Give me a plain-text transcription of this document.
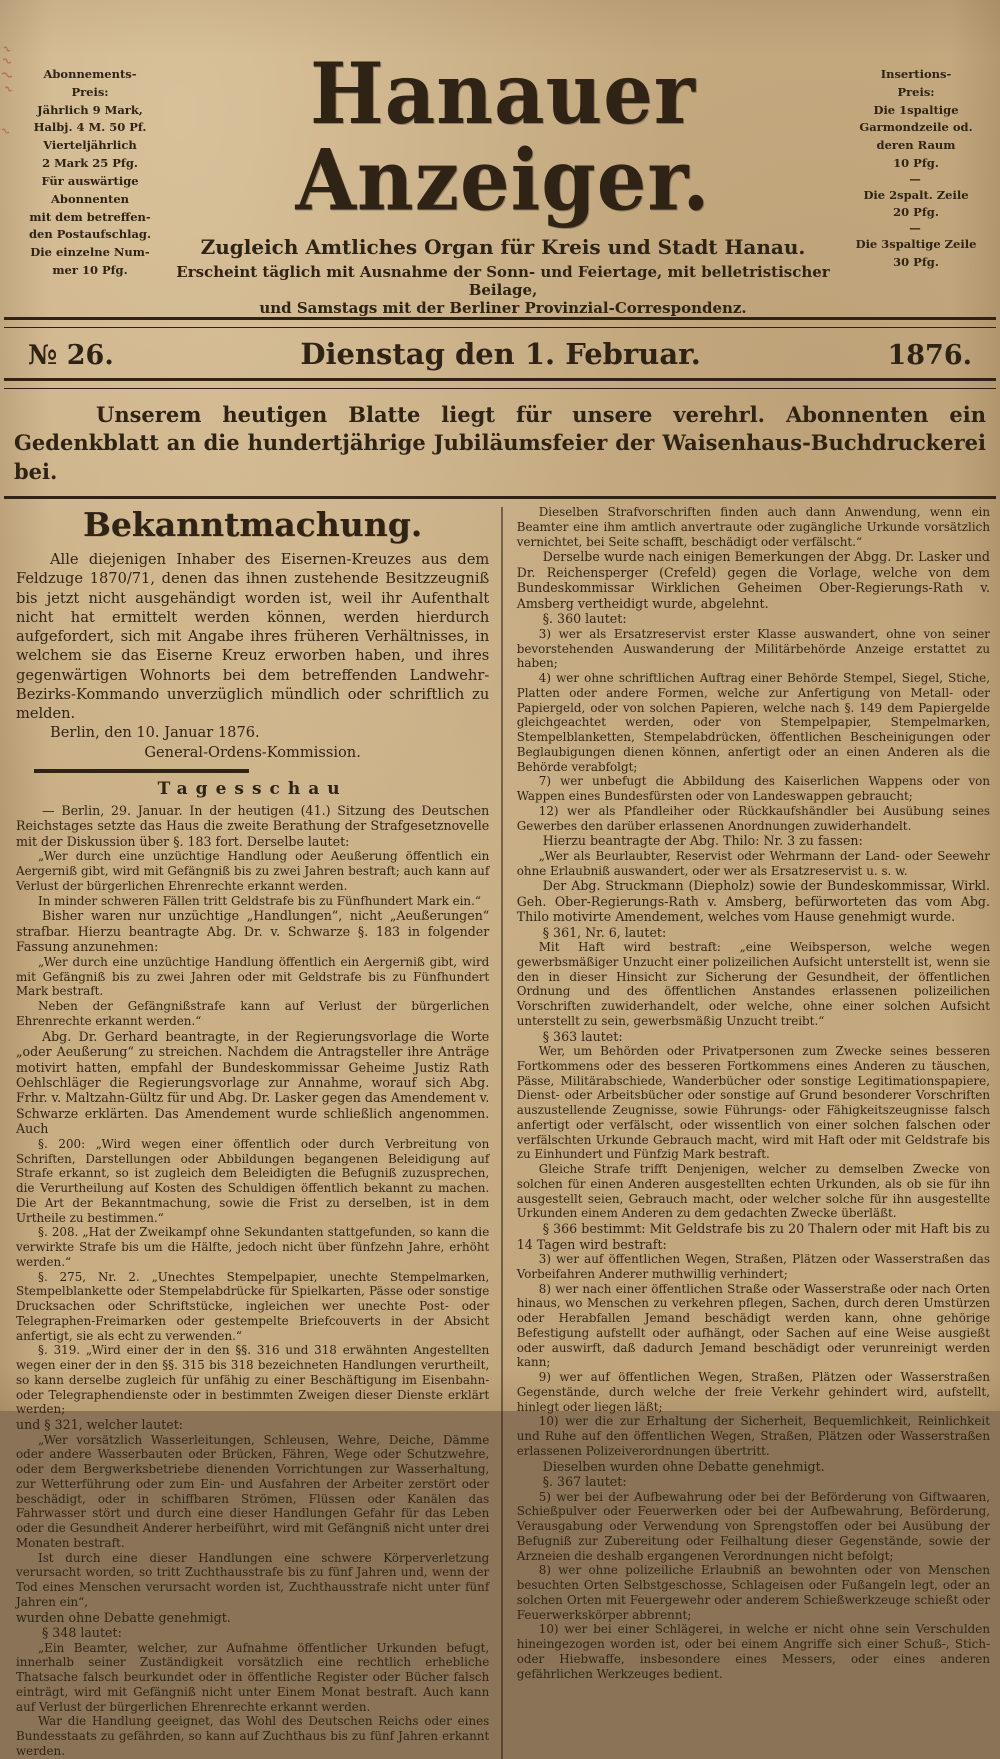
Abonnements-
Preis:
Jährlich 9 Mark,
Halbj. 4 M. 50 Pf.
Vierteljährlich
2 Mark 25 Pfg.
Für auswärtige
Abonnenten
mit dem betreffen-
den Postaufschlag.
Die einzelne Num-
mer 10 Pfg.
Hanauer Anzeiger.
Zugleich Amtliches Organ für Kreis und Stadt Hanau.
Erscheint täglich mit Ausnahme der Sonn- und Feiertage, mit belletristischer Beilage,
und Samstags mit der Berliner Provinzial-Correspondenz.
Insertions-
Preis:
Die 1spaltige
Garmondzeile od.
deren Raum
10 Pfg.
—
Die 2spalt. Zeile
20 Pfg.
—
Die 3spaltige Zeile
30 Pfg.
№ 26.	Dienstag den 1. Februar.	1876.

Unserem heutigen Blatte liegt für unsere verehrl. Abonnenten ein Gedenkblatt an die hundertjährige Jubiläumsfeier der Waisenhaus-Buchdruckerei bei.

Bekanntmachung.

Alle diejenigen Inhaber des Eisernen-Kreuzes aus dem Feldzuge 1870/71, denen das ihnen zustehende Besitzzeugniß bis jetzt nicht ausgehändigt worden ist, weil ihr Aufenthalt nicht hat ermittelt werden können, werden hierdurch aufgefordert, sich mit Angabe ihres früheren Verhältnisses, in welchem sie das Eiserne Kreuz erworben haben, und ihres gegenwärtigen Wohnorts bei dem betreffenden Landwehr-Bezirks-Kommando unverzüglich mündlich oder schriftlich zu melden.

Berlin, den 10. Januar 1876.

General-Ordens-Kommission.

Tagesschau

— Berlin, 29. Januar. In der heutigen (41.) Sitzung des Deutschen Reichstages setzte das Haus die zweite Berathung der Strafgesetznovelle mit der Diskussion über §. 183 fort. Derselbe lautet:

„Wer durch eine unzüchtige Handlung oder Aeußerung öffentlich ein Aergerniß gibt, wird mit Gefängniß bis zu zwei Jahren bestraft; auch kann auf Verlust der bürgerlichen Ehrenrechte erkannt werden.

In minder schweren Fällen tritt Geldstrafe bis zu Fünfhundert Mark ein.“

Bisher waren nur unzüchtige „Handlungen“, nicht „Aeußerungen“ strafbar. Hierzu beantragte Abg. Dr. v. Schwarze §. 183 in folgender Fassung anzunehmen:

„Wer durch eine unzüchtige Handlung öffentlich ein Aergerniß gibt, wird mit Gefängniß bis zu zwei Jahren oder mit Geldstrafe bis zu Fünfhundert Mark bestraft.

Neben der Gefängnißstrafe kann auf Verlust der bürgerlichen Ehrenrechte erkannt werden.“

Abg. Dr. Gerhard beantragte, in der Regierungsvorlage die Worte „oder Aeußerung“ zu streichen. Nachdem die Antragsteller ihre Anträge motivirt hatten, empfahl der Bundeskommissar Geheime Justiz Rath Oehlschläger die Regierungsvorlage zur Annahme, worauf sich Abg. Frhr. v. Maltzahn-Gültz für und Abg. Dr. Lasker gegen das Amendement v. Schwarze erklärten. Das Amendement wurde schließlich angenommen. Auch

§. 200: „Wird wegen einer öffentlich oder durch Verbreitung von Schriften, Darstellungen oder Abbildungen begangenen Beleidigung auf Strafe erkannt, so ist zugleich dem Beleidigten die Befugniß zuzusprechen, die Verurtheilung auf Kosten des Schuldigen öffentlich bekannt zu machen. Die Art der Bekanntmachung, sowie die Frist zu derselben, ist in dem Urtheile zu bestimmen.“

§. 208. „Hat der Zweikampf ohne Sekundanten stattgefunden, so kann die verwirkte Strafe bis um die Hälfte, jedoch nicht über fünfzehn Jahre, erhöht werden.“

§. 275, Nr. 2. „Unechtes Stempelpapier, unechte Stempelmarken, Stempelblankette oder Stempelabdrücke für Spielkarten, Pässe oder sonstige Drucksachen oder Schriftstücke, ingleichen wer unechte Post- oder Telegraphen-Freimarken oder gestempelte Briefcouverts in der Absicht anfertigt, sie als echt zu verwenden.“

§. 319. „Wird einer der in den §§. 316 und 318 erwähnten Angestellten wegen einer der in den §§. 315 bis 318 bezeichneten Handlungen verurtheilt, so kann derselbe zugleich für unfähig zu einer Beschäftigung im Eisenbahn- oder Telegraphendienste oder in bestimmten Zweigen dieser Dienste erklärt werden;

und § 321, welcher lautet:

„Wer vorsätzlich Wasserleitungen, Schleusen, Wehre, Deiche, Dämme oder andere Wasserbauten oder Brücken, Fähren, Wege oder Schutzwehre, oder dem Bergwerksbetriebe dienenden Vorrichtungen zur Wasserhaltung, zur Wetterführung oder zum Ein- und Ausfahren der Arbeiter zerstört oder beschädigt, oder in schiffbaren Strömen, Flüssen oder Kanälen das Fahrwasser stört und durch eine dieser Handlungen Gefahr für das Leben oder die Gesundheit Anderer herbeiführt, wird mit Gefängniß nicht unter drei Monaten bestraft.

Ist durch eine dieser Handlungen eine schwere Körperverletzung verursacht worden, so tritt Zuchthausstrafe bis zu fünf Jahren und, wenn der Tod eines Menschen verursacht worden ist, Zuchthausstrafe nicht unter fünf Jahren ein“,

wurden ohne Debatte genehmigt.

§ 348 lautet:

„Ein Beamter, welcher, zur Aufnahme öffentlicher Urkunden befugt, innerhalb seiner Zuständigkeit vorsätzlich eine rechtlich erhebliche Thatsache falsch beurkundet oder in öffentliche Register oder Bücher falsch einträgt, wird mit Gefängniß nicht unter Einem Monat bestraft. Auch kann auf Verlust der bürgerlichen Ehrenrechte erkannt werden.

War die Handlung geeignet, das Wohl des Deutschen Reichs oder eines Bundesstaats zu gefährden, so kann auf Zuchthaus bis zu fünf Jahren erkannt werden.

Dieselben Strafvorschriften finden auch dann Anwendung, wenn ein Beamter eine ihm amtlich anvertraute oder zugängliche Urkunde vorsätzlich vernichtet, bei Seite schafft, beschädigt oder verfälscht.“

Derselbe wurde nach einigen Bemerkungen der Abgg. Dr. Lasker und Dr. Reichensperger (Crefeld) gegen die Vorlage, welche von dem Bundeskommissar Wirklichen Geheimen Ober-Regierungs-Rath v. Amsberg vertheidigt wurde, abgelehnt.

§. 360 lautet:

3) wer als Ersatzreservist erster Klasse auswandert, ohne von seiner bevorstehenden Auswanderung der Militärbehörde Anzeige erstattet zu haben;

4) wer ohne schriftlichen Auftrag einer Behörde Stempel, Siegel, Stiche, Platten oder andere Formen, welche zur Anfertigung von Metall- oder Papiergeld, oder von solchen Papieren, welche nach §. 149 dem Papiergelde gleichgeachtet werden, oder von Stempelpapier, Stempelmarken, Stempelblanketten, Stempelabdrücken, öffentlichen Bescheinigungen oder Beglaubigungen dienen können, anfertigt oder an einen Anderen als die Behörde verabfolgt;

7) wer unbefugt die Abbildung des Kaiserlichen Wappens oder von Wappen eines Bundesfürsten oder von Landeswappen gebraucht;

12) wer als Pfandleiher oder Rückkaufshändler bei Ausübung seines Gewerbes den darüber erlassenen Anordnungen zuwiderhandelt.

Hierzu beantragte der Abg. Thilo: Nr. 3 zu fassen:

„Wer als Beurlaubter, Reservist oder Wehrmann der Land- oder Seewehr ohne Erlaubniß auswandert, oder wer als Ersatzreservist u. s. w.

Der Abg. Struckmann (Diepholz) sowie der Bundeskommissar, Wirkl. Geh. Ober-Regierungs-Rath v. Amsberg, befürworteten das vom Abg. Thilo motivirte Amendement, welches vom Hause genehmigt wurde.

§ 361, Nr. 6, lautet:

Mit Haft wird bestraft: „eine Weibsperson, welche wegen gewerbsmäßiger Unzucht einer polizeilichen Aufsicht unterstellt ist, wenn sie den in dieser Hinsicht zur Sicherung der Gesundheit, der öffentlichen Ordnung und des öffentlichen Anstandes erlassenen polizeilichen Vorschriften zuwiderhandelt, oder welche, ohne einer solchen Aufsicht unterstellt zu sein, gewerbsmäßig Unzucht treibt.“

§ 363 lautet:

Wer, um Behörden oder Privatpersonen zum Zwecke seines besseren Fortkommens oder des besseren Fortkommens eines Anderen zu täuschen, Pässe, Militärabschiede, Wanderbücher oder sonstige Legitimationspapiere, Dienst- oder Arbeitsbücher oder sonstige auf Grund besonderer Vorschriften auszustellende Zeugnisse, sowie Führungs- oder Fähigkeitszeugnisse falsch anfertigt oder verfälscht, oder wissentlich von einer solchen falschen oder verfälschten Urkunde Gebrauch macht, wird mit Haft oder mit Geldstrafe bis zu Einhundert und Fünfzig Mark bestraft.

Gleiche Strafe trifft Denjenigen, welcher zu demselben Zwecke von solchen für einen Anderen ausgestellten echten Urkunden, als ob sie für ihn ausgestellt seien, Gebrauch macht, oder welcher solche für ihn ausgestellte Urkunden einem Anderen zu dem gedachten Zwecke überläßt.

§ 366 bestimmt: Mit Geldstrafe bis zu 20 Thalern oder mit Haft bis zu 14 Tagen wird bestraft:

3) wer auf öffentlichen Wegen, Straßen, Plätzen oder Wasserstraßen das Vorbeifahren Anderer muthwillig verhindert;

8) wer nach einer öffentlichen Straße oder Wasserstraße oder nach Orten hinaus, wo Menschen zu verkehren pflegen, Sachen, durch deren Umstürzen oder Herabfallen Jemand beschädigt werden kann, ohne gehörige Befestigung aufstellt oder aufhängt, oder Sachen auf eine Weise ausgießt oder auswirft, daß dadurch Jemand beschädigt oder verunreinigt werden kann;

9) wer auf öffentlichen Wegen, Straßen, Plätzen oder Wasserstraßen Gegenstände, durch welche der freie Verkehr gehindert wird, aufstellt, hinlegt oder liegen läßt;

10) wer die zur Erhaltung der Sicherheit, Bequemlichkeit, Reinlichkeit und Ruhe auf den öffentlichen Wegen, Straßen, Plätzen oder Wasserstraßen erlassenen Polizeiverordnungen übertritt.

Dieselben wurden ohne Debatte genehmigt.

§. 367 lautet:

5) wer bei der Aufbewahrung oder bei der Beförderung von Giftwaaren, Schießpulver oder Feuerwerken oder bei der Aufbewahrung, Beförderung, Verausgabung oder Verwendung von Sprengstoffen oder bei Ausübung der Befugniß zur Zubereitung oder Feilhaltung dieser Gegenstände, sowie der Arzneien die deshalb ergangenen Verordnungen nicht befolgt;

8) wer ohne polizeiliche Erlaubniß an bewohnten oder von Menschen besuchten Orten Selbstgeschosse, Schlageisen oder Fußangeln legt, oder an solchen Orten mit Feuergewehr oder anderem Schießwerkzeuge schießt oder Feuerwerkskörper abbrennt;

10) wer bei einer Schlägerei, in welche er nicht ohne sein Verschulden hineingezogen worden ist, oder bei einem Angriffe sich einer Schuß-, Stich- oder Hiebwaffe, insbesondere eines Messers, oder eines anderen gefährlichen Werkzeuges bedient.
